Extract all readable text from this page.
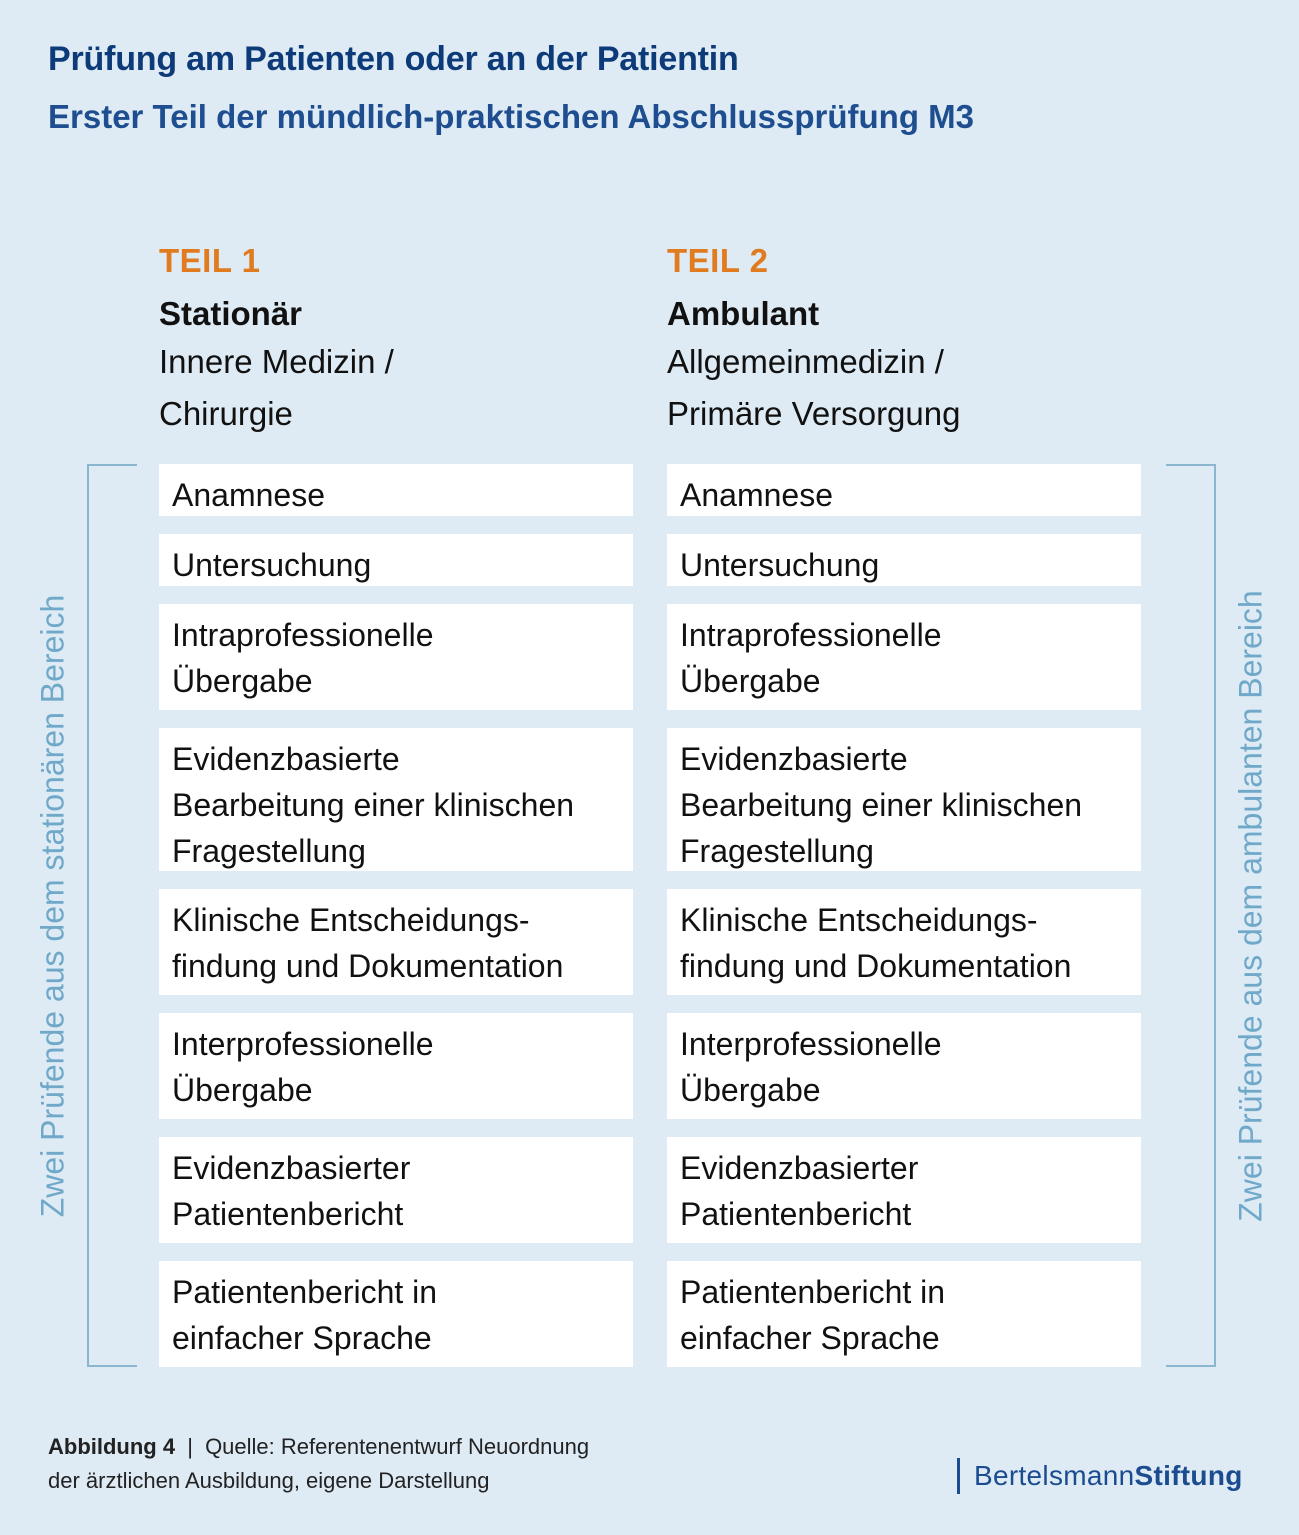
Prüfung am Patienten oder an der Patientin
Erster Teil der mündlich-praktischen Abschlussprüfung M3
TEIL 1
Stationär
Innere Medizin /
Chirurgie
TEIL 2
Ambulant
Allgemeinmedizin /
Primäre Versorgung
Zwei Prüfende aus dem stationären Bereich	Zwei Prüfende aus dem ambulanten Bereich
Anamnese
Untersuchung
Intraprofessionelle
Übergabe
Evidenzbasierte
Bearbeitung einer klinischen
Fragestellung
Klinische Entscheidungs-
findung und Dokumentation
Interprofessionelle
Übergabe
Evidenzbasierter
Patientenbericht
Patientenbericht in
einfacher Sprache
Anamnese
Untersuchung
Intraprofessionelle
Übergabe
Evidenzbasierte
Bearbeitung einer klinischen
Fragestellung
Klinische Entscheidungs-
findung und Dokumentation
Interprofessionelle
Übergabe
Evidenzbasierter
Patientenbericht
Patientenbericht in
einfacher Sprache
Abbildung 4 | Quelle: Referentenentwurf Neuordnung
der ärztlichen Ausbildung, eigene Darstellung	BertelsmannStiftung
